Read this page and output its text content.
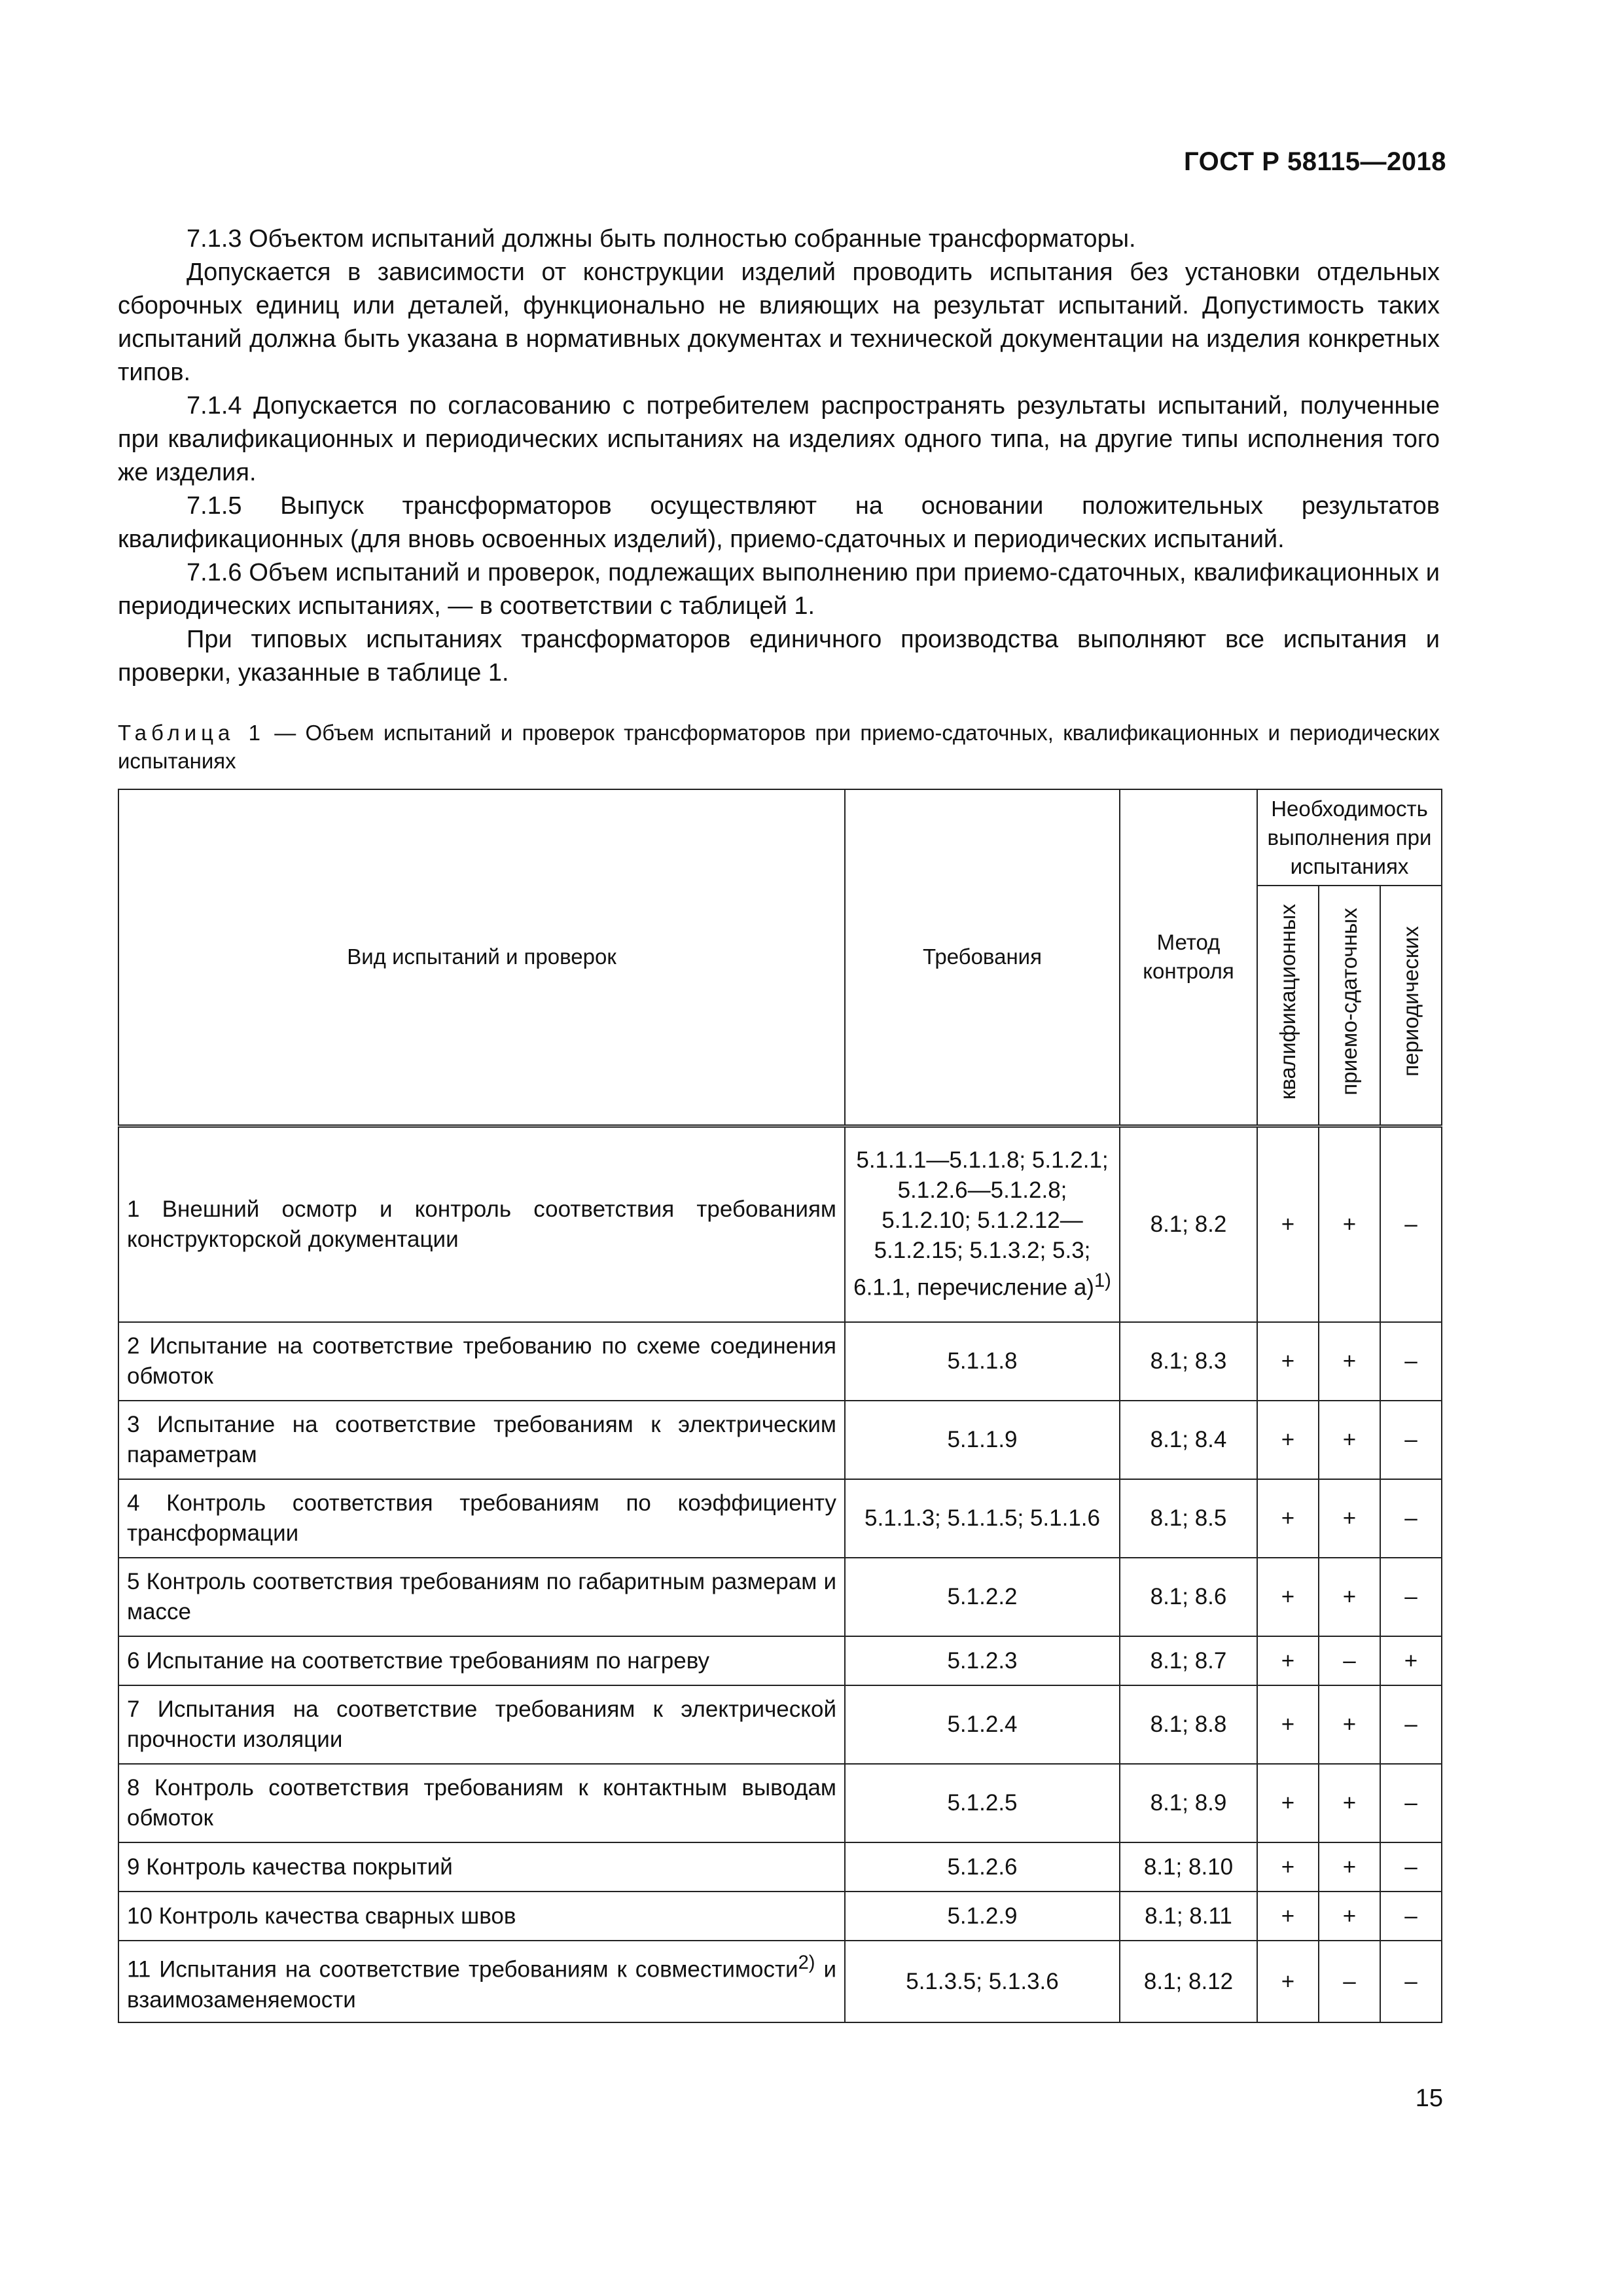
ГОСТ Р 58115—2018

7.1.3 Объектом испытаний должны быть полностью собранные трансформаторы.

Допускается в зависимости от конструкции изделий проводить испытания без установки отдельных сборочных единиц или деталей, функционально не влияющих на результат испытаний. Допустимость таких испытаний должна быть указана в нормативных документах и технической документации на изделия конкретных типов.

7.1.4 Допускается по согласованию с потребителем распространять результаты испытаний, полученные при квалификационных и периодических испытаниях на изделиях одного типа, на другие типы исполнения того же изделия.

7.1.5 Выпуск трансформаторов осуществляют на основании положительных результатов квалификационных (для вновь освоенных изделий), приемо-сдаточных и периодических испытаний.

7.1.6 Объем испытаний и проверок, подлежащих выполнению при приемо-сдаточных, квалификационных и периодических испытаниях, — в соответствии с таблицей 1.

При типовых испытаниях трансформаторов единичного производства выполняют все испытания и проверки, указанные в таблице 1.

Таблица 1 — Объем испытаний и проверок трансформаторов при приемо-сдаточных, квалификационных и периодических испытаниях
Вид испытаний и проверок	Требования	Метод контроля	Необходимость выполнения при испытаниях		
			квалификационных	приемо-сдаточных	периодических
1 Внешний осмотр и контроль соответствия требованиям конструкторской документации	5.1.1.1—5.1.1.8; 5.1.2.1; 5.1.2.6—5.1.2.8; 5.1.2.10; 5.1.2.12—5.1.2.15; 5.1.3.2; 5.3; 6.1.1, перечисление а)$^{1)}$	8.1; 8.2	+	+	–
2 Испытание на соответствие требованию по схеме соединения обмоток	5.1.1.8	8.1; 8.3	+	+	–
3 Испытание на соответствие требованиям к электрическим параметрам	5.1.1.9	8.1; 8.4	+	+	–
4 Контроль соответствия требованиям по коэффициенту трансформации	5.1.1.3; 5.1.1.5; 5.1.1.6	8.1; 8.5	+	+	–
5 Контроль соответствия требованиям по габаритным размерам и массе	5.1.2.2	8.1; 8.6	+	+	–
6 Испытание на соответствие требованиям по нагреву	5.1.2.3	8.1; 8.7	+	–	+
7 Испытания на соответствие требованиям к электрической прочности изоляции	5.1.2.4	8.1; 8.8	+	+	–
8 Контроль соответствия требованиям к контактным выводам обмоток	5.1.2.5	8.1; 8.9	+	+	–
9 Контроль качества покрытий	5.1.2.6	8.1; 8.10	+	+	–
10 Контроль качества сварных швов	5.1.2.9	8.1; 8.11	+	+	–
11 Испытания на соответствие требованиям к совместимости$^{2)}$ и взаимозаменяемости	5.1.3.5; 5.1.3.6	8.1; 8.12	+	–	–
15
